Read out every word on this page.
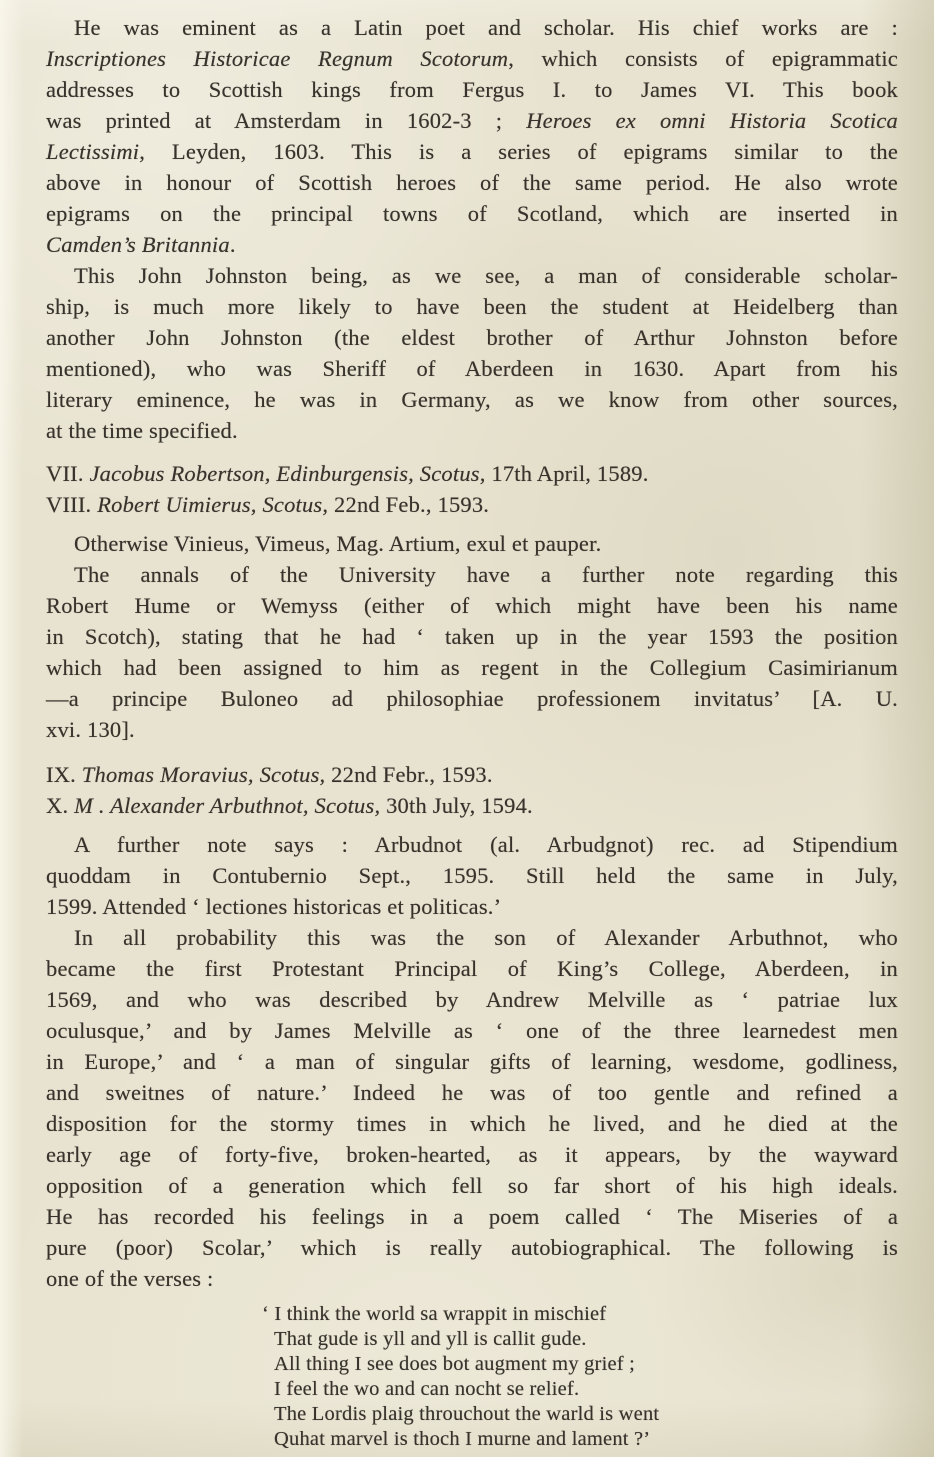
He was eminent as a Latin poet and scholar. His chief works are :
Inscriptiones Historicae Regnum Scotorum, which consists of epigrammatic
addresses to Scottish kings from Fergus I. to James VI. This book
was printed at Amsterdam in 1602-3 ; Heroes ex omni Historia Scotica
Lectissimi, Leyden, 1603. This is a series of epigrams similar to the
above in honour of Scottish heroes of the same period. He also wrote
epigrams on the principal towns of Scotland, which are inserted in
Camden’s Britannia.

This John Johnston being, as we see, a man of considerable scholar-
ship, is much more likely to have been the student at Heidelberg than
another John Johnston (the eldest brother of Arthur Johnston before
mentioned), who was Sheriff of Aberdeen in 1630. Apart from his
literary eminence, he was in Germany, as we know from other sources,
at the time specified.

VII. Jacobus Robertson, Edinburgensis, Scotus, 17th April, 1589.

VIII. Robert Uimierus, Scotus, 22nd Feb., 1593.

Otherwise Vinieus, Vimeus, Mag. Artium, exul et pauper.

The annals of the University have a further note regarding this
Robert Hume or Wemyss (either of which might have been his name
in Scotch), stating that he had ‘ taken up in the year 1593 the position
which had been assigned to him as regent in the Collegium Casimirianum
—a principe Buloneo ad philosophiae professionem invitatus’ [A. U.
xvi. 130].

IX. Thomas Moravius, Scotus, 22nd Febr., 1593.

X. M . Alexander Arbuthnot, Scotus, 30th July, 1594.

A further note says : Arbudnot (al. Arbudgnot) rec. ad Stipendium
quoddam in Contubernio Sept., 1595. Still held the same in July,
1599. Attended ‘ lectiones historicas et politicas.’

In all probability this was the son of Alexander Arbuthnot, who
became the first Protestant Principal of King’s College, Aberdeen, in
1569, and who was described by Andrew Melville as ‘ patriae lux
oculusque,’ and by James Melville as ‘ one of the three learnedest men
in Europe,’ and ‘ a man of singular gifts of learning, wesdome, godliness,
and sweitnes of nature.’ Indeed he was of too gentle and refined a
disposition for the stormy times in which he lived, and he died at the
early age of forty-five, broken-hearted, as it appears, by the wayward
opposition of a generation which fell so far short of his high ideals.
He has recorded his feelings in a poem called ‘ The Miseries of a
pure (poor) Scolar,’ which is really autobiographical. The following is
one of the verses :

‘ I think the world sa wrappit in mischief
That gude is yll and yll is callit gude.
All thing I see does bot augment my grief ;
I feel the wo and can nocht se relief.
The Lordis plaig throuchout the warld is went
Quhat marvel is thoch I murne and lament ?’
